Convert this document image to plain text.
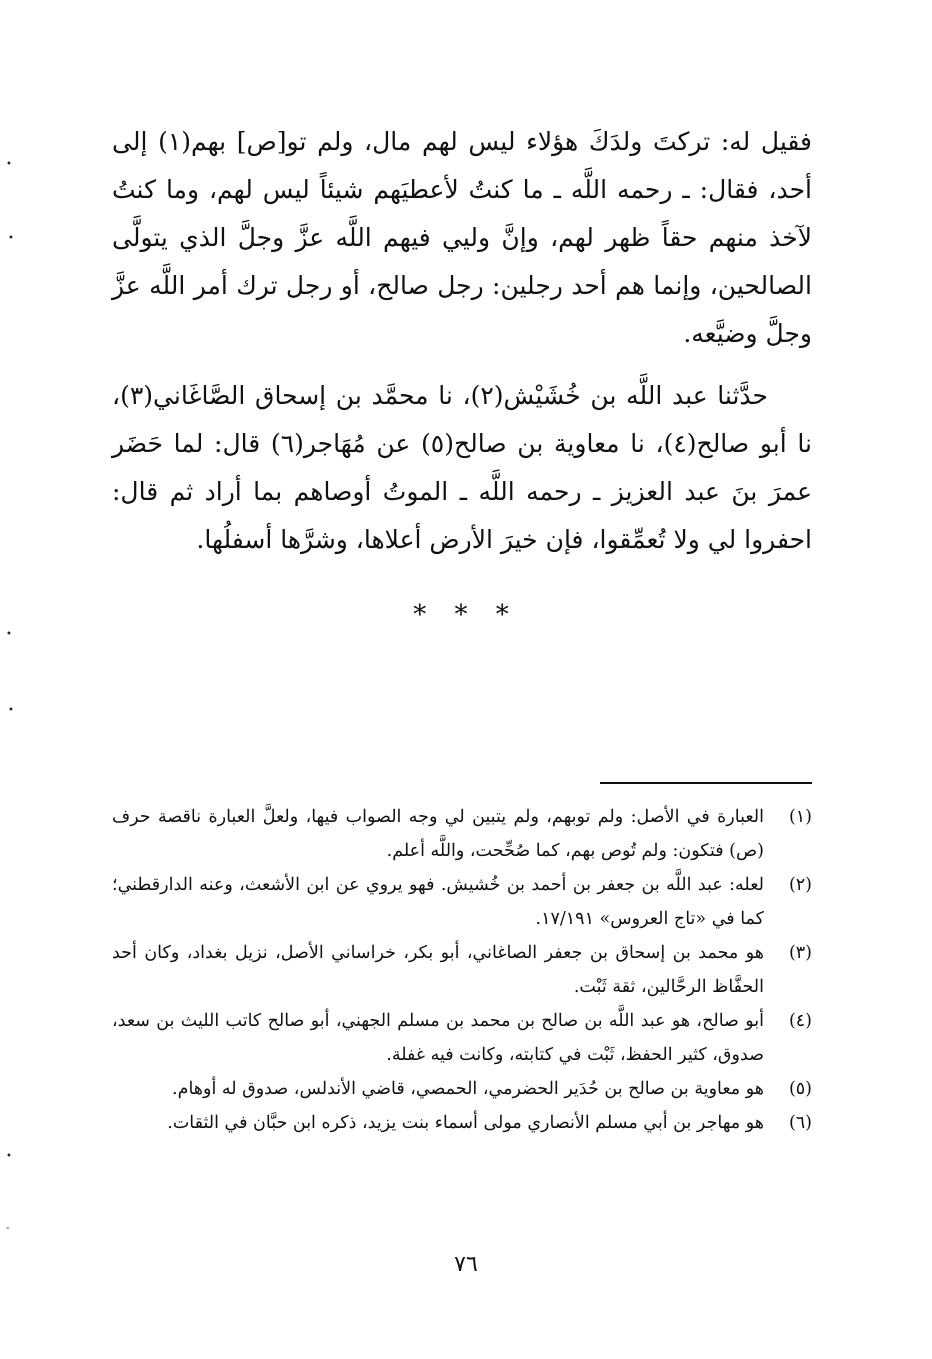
•
•
•
•
•
-

فقيل له: تركتَ ولدَكَ هؤلاء ليس لهم مال، ولم تو[ص] بهم(١) إلى أحد، فقال: ـ رحمه اللَّه ـ ما كنتُ لأعطيَهم شيئاً ليس لهم، وما كنتُ لآخذ منهم حقاً ظهر لهم، وإنَّ وليي فيهم اللَّه عزَّ وجلَّ الذي يتولَّى الصالحين، وإنما هم أحد رجلين: رجل صالح، أو رجل ترك أمر اللَّه عزَّ وجلَّ وضيَّعه.

حدَّثنا عبد اللَّه بن خُشَيْش(٢)، نا محمَّد بن إسحاق الصَّاغَاني(٣)، نا أبو صالح(٤)، نا معاوية بن صالح(٥) عن مُهَاجر(٦) قال: لما حَضَر عمرَ بنَ عبد العزيز ـ رحمه اللَّه ـ الموتُ أوصاهم بما أراد ثم قال: احفروا لي ولا تُعمِّقوا، فإن خيرَ الأرض أعلاها، وشرَّها أسفلُها.

* * *
(١)
العبارة في الأصل: ولم توبهم، ولم يتبين لي وجه الصواب فيها، ولعلَّ العبارة ناقصة حرف (ص) فتكون: ولم تُوص بهم، كما صُحِّحت، واللَّه أعلم.
(٢)
لعله: عبد اللَّه بن جعفر بن أحمد بن خُشيش. فهو يروي عن ابن الأشعث، وعنه الدارقطني؛ كما في «تاج العروس» ١٧/١٩١.
(٣)
هو محمد بن إسحاق بن جعفر الصاغاني، أبو بكر، خراساني الأصل، نزيل بغداد، وكان أحد الحفَّاظ الرحَّالين، ثقة ثَبْت.
(٤)
أبو صالح، هو عبد اللَّه بن صالح بن محمد بن مسلم الجهني، أبو صالح كاتب الليث بن سعد، صدوق، كثير الحفظ، ثَبْت في كتابته، وكانت فيه غفلة.
(٥)
هو معاوية بن صالح بن حُدَير الحضرمي، الحمصي، قاضي الأندلس، صدوق له أوهام.
(٦)
هو مهاجر بن أبي مسلم الأنصاري مولى أسماء بنت يزيد، ذكره ابن حبَّان في الثقات.
٧٦
